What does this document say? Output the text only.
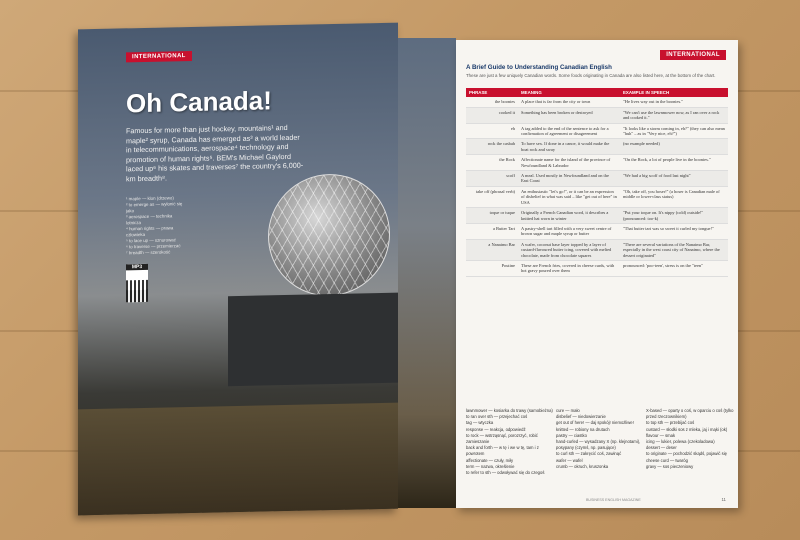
INTERNATIONAL
Oh Canada!
Famous for more than just hockey, mountains¹ and maple² syrup, Canada has emerged as³ a world leader in telecommunications, aerospace⁴ technology and promotion of human rights⁵. BEM's Michael Gaylord laced up⁶ his skates and traverses⁷ the country's 6,000-km breadth⁸.
¹ maple — klon (drzewo)
² to emerge as — wyłonić się jako
³ aerospace — technika lotnicza
⁴ human rights — prawa człowieka
⁵ to lace up — sznurować
⁶ to traverse — przemierzać
⁷ breadth — szerokość
MP3
INTERNATIONAL
A Brief Guide to Understanding Canadian English
These are just a few uniquely Canadian words. Some foods originating in Canada are also listed here, at the bottom of the chart.
PHRASE	MEANING	EXAMPLE IN SPEECH
the boonies	A place that is far from the city or town	"He lives way out in the boonies."
cooked it	Something has been broken or destroyed	"We can't use the lawnmower now, as I ran over a rock and cooked it."
eh	A tag added to the end of the sentence to ask for a confirmation of agreement or disagreement	"It looks like a storm coming in, eh?" (they can also mean "huh" – as in "Very nice, eh?")
rock the casbah	To have sex. If done in a canoe, it would make the boat rock and sway	(no example needed)
the Rock	Affectionate name for the island of the province of Newfoundland & Labrador	"On the Rock, a lot of people live in the boonies."
scoff	A meal. Used mostly in Newfoundland and on the East Coast	"We had a big scoff of food last night"
take off (phrasal verb)	An enthusiastic "let's go!", or it can be an expression of disbelief in what was said – like "get out of here" in USA	"Oh, take off, you hoser!" (a hoser is Canadian male of middle or lower-class status)
toque or tuque	Originally a French Canadian word, it describes a knitted hat worn in winter	"Put your toque on. It's nippy (cold) outside!" (pronounced: too-k)
a Butter Tart	A pastry-shell tart filled with a very sweet centre of brown sugar and maple syrup or butter	"That butter tart was so sweet it curled my tongue!"
a Nanaimo Bar	A wafer, coconut base layer topped by a layer of custard-flavoured butter icing, covered with melted chocolate, made from chocolate squares	"There are several variations of the Nanaimo Bar, especially in the west coast city of Nanaimo, where the dessert originated"
Poutine	These are French fries, covered in cheese curds, with hot gravy poured over them	pronounced: 'poo-teen', stress is on the "teen"
lawnmower — kosiarka do trawy (samobieżna)
to ran over sth — przejechać coś
tag — wtyczka
response — reakcja, odpowiedź
to rock — wstrząsnąć, porozrzyć, robić zamieszanie
back and forth — w tę i we w tę, tam i z powrotem
affectionate — czuły, miły
term — nazwa, określenie
to refer to sth — odwoływać się do czegoś
cure — mało
disbelief — niedowierzanie
get out of here! — daj spokój! niemożliwe!
knitted — robiony na drutach
pastry — ciastko
hand-curled — wysadzany X (np. klejnotami), posypany (czymś, np. pasujące)
to curl sth — zakręcić coś, zawinąć
wafer — wafel
crumb — okruch, kruszonka
X-based — oparty o coś, w oparciu o coś (tylko przed rzeczownikiem)
to top sth — przebijać coś
custard — słodki sos z mleka, jaj i mąki (ok)
flavour — smak
icing — lukier, polewa (czekoladowa)
dessert — deser
to originate — pochodzić skądś, pojawić się
cheese curd — twaróg
gravy — sos pieczeniowy
BUSINESS ENGLISH MAGAZINE	11
